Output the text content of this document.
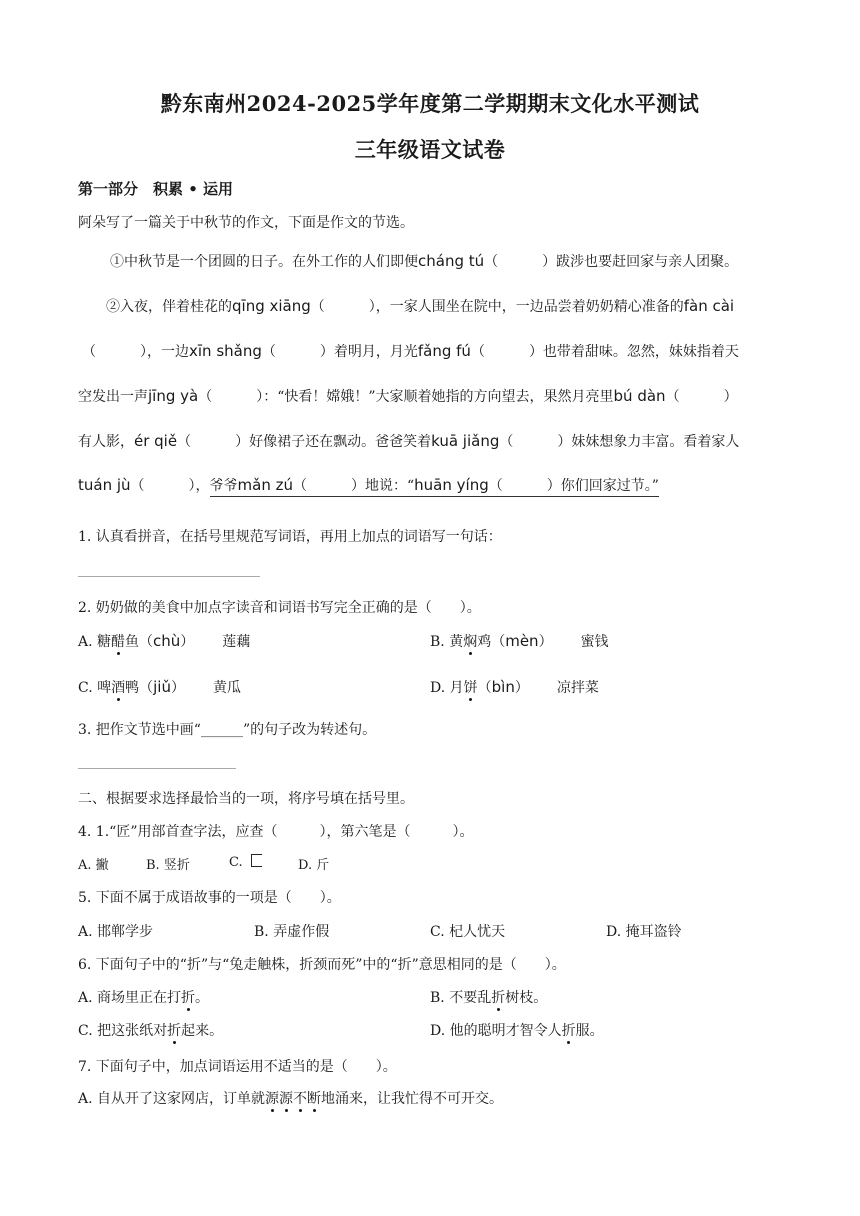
黔东南州2024-2025学年度第二学期期末文化水平测试
三年级语文试卷
第一部分　积累 • 运用
阿朵写了一篇关于中秋节的作文，下面是作文的节选。
①中秋节是一个团圆的日子。在外工作的人们即便cháng tú（	）跋涉也要赶回家与亲人团聚。
②入夜，伴着桂花的qīng xiāng（	），一家人围坐在院中，一边品尝着奶奶精心准备的fàn cài
（	），一边xīn shǎng（	）着明月，月光fǎng fú（	）也带着甜味。忽然，妹妹指着天
空发出一声jīng yà（	）：“快看！嫦娥！”大家顺着她指的方向望去，果然月亮里bú dàn（	）
有人影，ér qiě（	）好像裙子还在飘动。爸爸笑着kuā jiǎng（	）妹妹想象力丰富。看着家人
tuán jù（	），爷爷mǎn zú（	）地说：“huān yíng（	）你们回家过节。”
1. 认真看拼音，在括号里规范写词语，再用上加点的词语写一句话：
2. 奶奶做的美食中加点字读音和词语书写完全正确的是（　　）。
A. 糖醋鱼（chù） 莲藕	B. 黄焖鸡（mèn） 蜜钱
C. 啤酒鸭（jiǔ） 黄瓜	D. 月饼（bìn） 凉拌菜
3. 把作文节选中画“______”的句子改为转述句。
二、根据要求选择最恰当的一项，将序号填在括号里。
4. 1.“匠”用部首查字法，应查（　　　），第六笔是（　　　）。
A. 撇	B. 竖折	C.	D. 斤
5. 下面不属于成语故事的一项是（　　）。
A. 邯郸学步	B. 弄虚作假	C. 杞人忧天	D. 掩耳盗铃
6. 下面句子中的“折”与“兔走触株，折颈而死”中的“折”意思相同的是（　　）。
A. 商场里正在打折。	B. 不要乱折树枝。
C. 把这张纸对折起来。	D. 他的聪明才智令人折服。
7. 下面句子中，加点词语运用不适当的是（　　）。
A. 自从开了这家网店，订单就源源不断地涌来，让我忙得不可开交。
